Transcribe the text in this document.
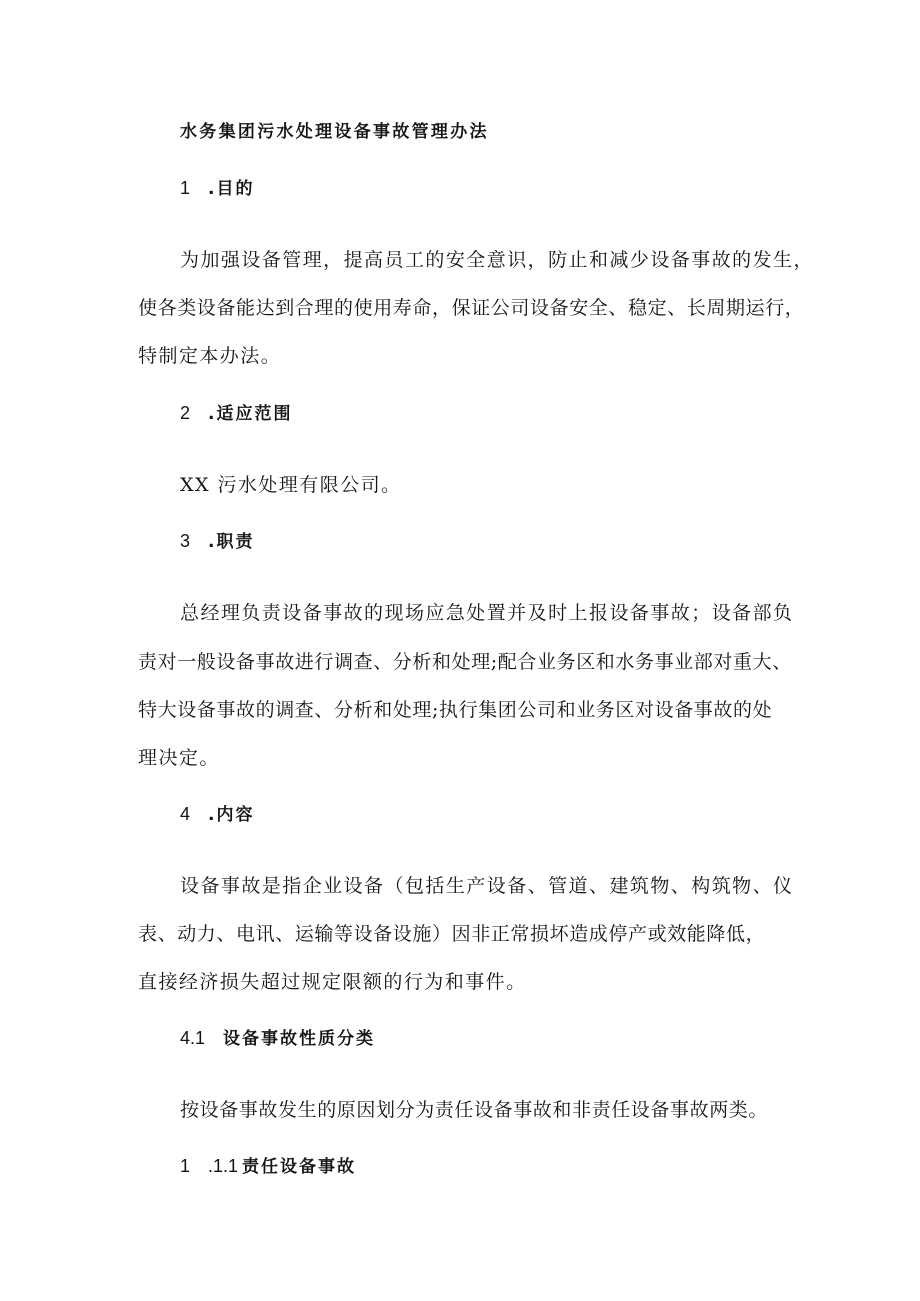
水务集团污水处理设备事故管理办法
1 .目的
为加强设备管理，提高员工的安全意识，防止和减少设备事故的发生，
使各类设备能达到合理的使用寿命，保证公司设备安全、稳定、长周期运行，
特制定本办法。
2 .适应范围
XX 污水处理有限公司。
3 .职责
总经理负责设备事故的现场应急处置并及时上报设备事故；设备部负
责对一般设备事故进行调查、分析和处理;配合业务区和水务事业部对重大、
特大设备事故的调查、分析和处理;执行集团公司和业务区对设备事故的处
理决定。
4 .内容
设备事故是指企业设备（包括生产设备、管道、建筑物、构筑物、仪
表、动力、电讯、运输等设备设施）因非正常损坏造成停产或效能降低，
直接经济损失超过规定限额的行为和事件。
4.1 设备事故性质分类
按设备事故发生的原因划分为责任设备事故和非责任设备事故两类。
1 .1.1 责任设备事故
